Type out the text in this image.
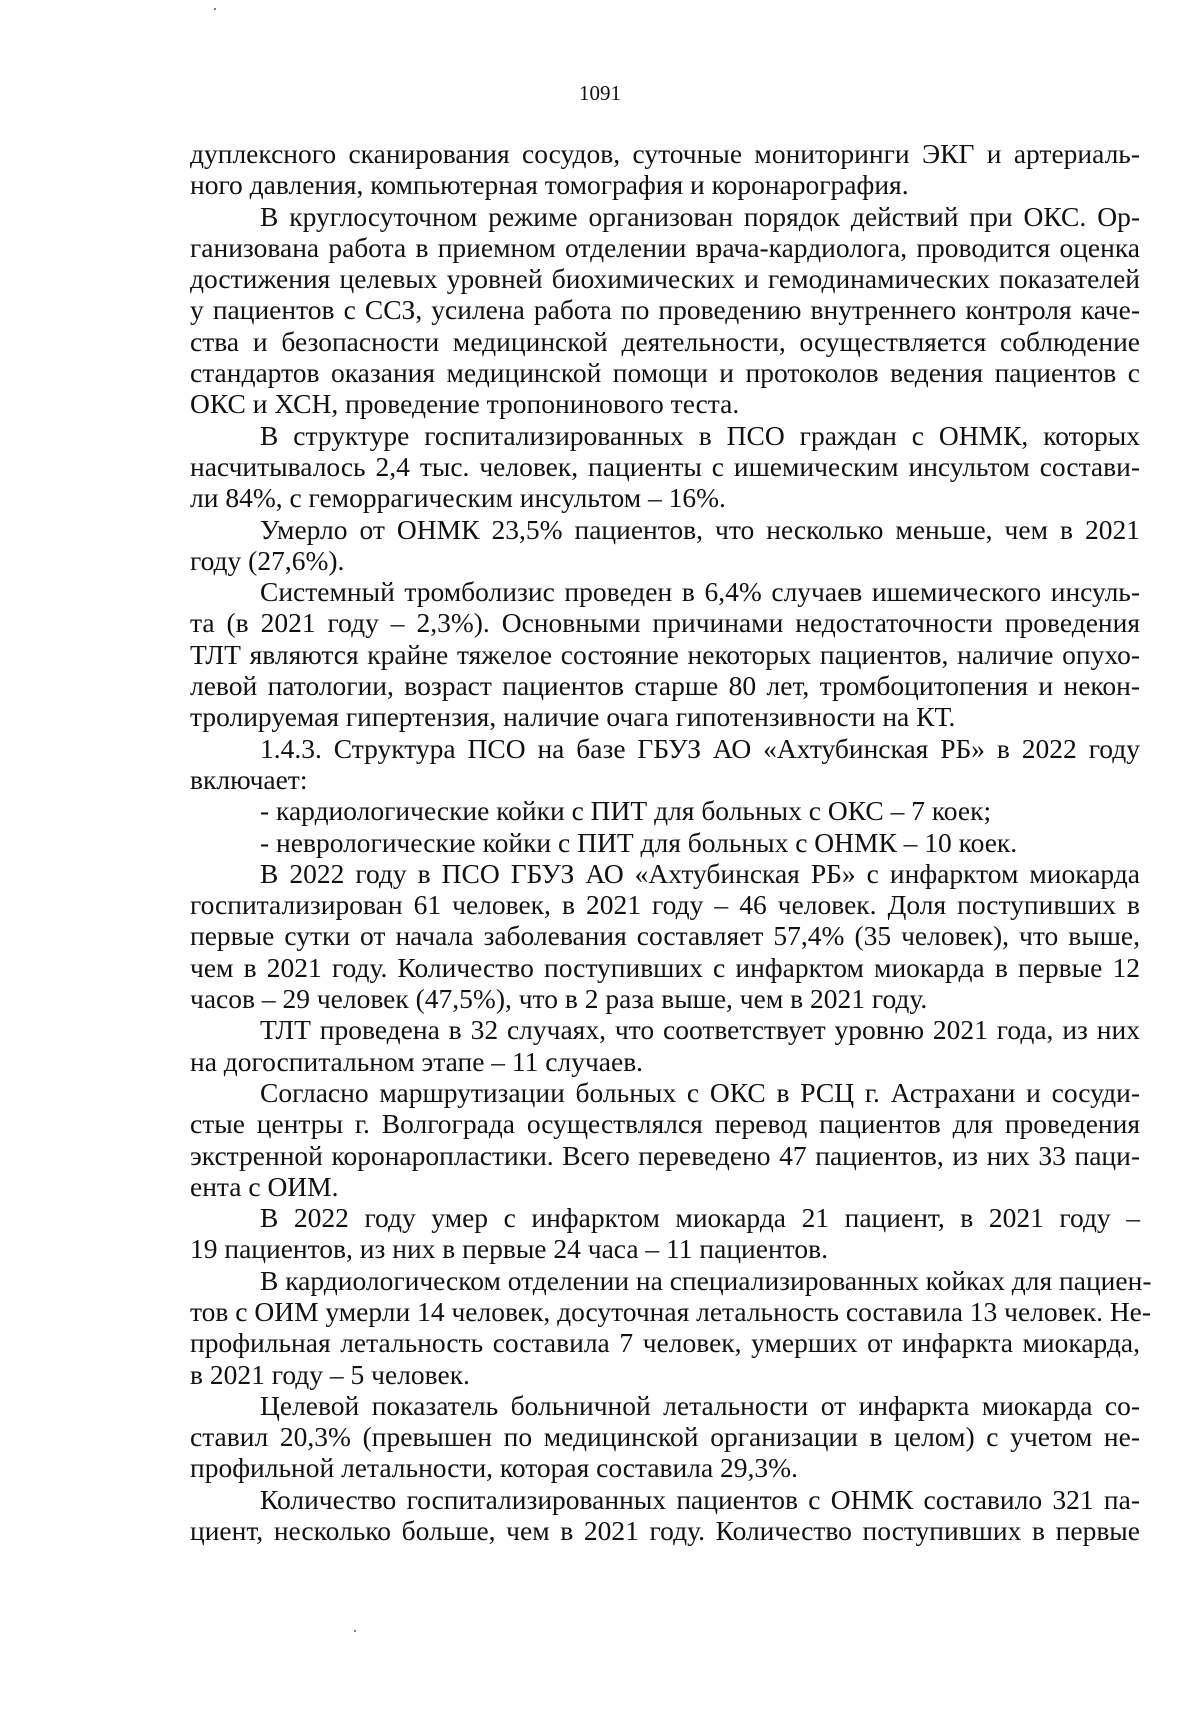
1091
дуплексного сканирования сосудов, суточные мониторинги ЭКГ и артериаль-
ного давления, компьютерная томография и коронарография.
В круглосуточном режиме организован порядок действий при ОКС. Ор-
ганизована работа в приемном отделении врача-кардиолога, проводится оценка
достижения целевых уровней биохимических и гемодинамических показателей
у пациентов с ССЗ, усилена работа по проведению внутреннего контроля каче-
ства и безопасности медицинской деятельности, осуществляется соблюдение
стандартов оказания медицинской помощи и протоколов ведения пациентов с
ОКС и ХСН, проведение тропонинового теста.
В структуре госпитализированных в ПСО граждан с ОНМК, которых
насчитывалось 2,4 тыс. человек, пациенты с ишемическим инсультом состави-
ли 84%, с геморрагическим инсультом – 16%.
Умерло от ОНМК 23,5% пациентов, что несколько меньше, чем в 2021
году (27,6%).
Системный тромболизис проведен в 6,4% случаев ишемического инсуль-
та (в 2021 году – 2,3%). Основными причинами недостаточности проведения
ТЛТ являются крайне тяжелое состояние некоторых пациентов, наличие опухо-
левой патологии, возраст пациентов старше 80 лет, тромбоцитопения и некон-
тролируемая гипертензия, наличие очага гипотензивности на КТ.
1.4.3. Структура ПСО на базе ГБУЗ АО «Ахтубинская РБ» в 2022 году
включает:
- кардиологические койки с ПИТ для больных с ОКС – 7 коек;
- неврологические койки с ПИТ для больных с ОНМК – 10 коек.
В 2022 году в ПСО ГБУЗ АО «Ахтубинская РБ» с инфарктом миокарда
госпитализирован 61 человек, в 2021 году – 46 человек. Доля поступивших в
первые сутки от начала заболевания составляет 57,4% (35 человек), что выше,
чем в 2021 году. Количество поступивших с инфарктом миокарда в первые 12
часов – 29 человек (47,5%), что в 2 раза выше, чем в 2021 году.
ТЛТ проведена в 32 случаях, что соответствует уровню 2021 года, из них
на догоспитальном этапе – 11 случаев.
Согласно маршрутизации больных с ОКС в РСЦ г. Астрахани и сосуди-
стые центры г. Волгограда осуществлялся перевод пациентов для проведения
экстренной коронаропластики. Всего переведено 47 пациентов, из них 33 паци-
ента с ОИМ.
В 2022 году умер с инфарктом миокарда 21 пациент, в 2021 году –
19 пациентов, из них в первые 24 часа – 11 пациентов.
В кардиологическом отделении на специализированных койках для пациен-
тов с ОИМ умерли 14 человек, досуточная летальность составила 13 человек. Не-
профильная летальность составила 7 человек, умерших от инфаркта миокарда,
в 2021 году – 5 человек.
Целевой показатель больничной летальности от инфаркта миокарда со-
ставил 20,3% (превышен по медицинской организации в целом) с учетом не-
профильной летальности, которая составила 29,3%.
Количество госпитализированных пациентов с ОНМК составило 321 па-
циент, несколько больше, чем в 2021 году. Количество поступивших в первые
